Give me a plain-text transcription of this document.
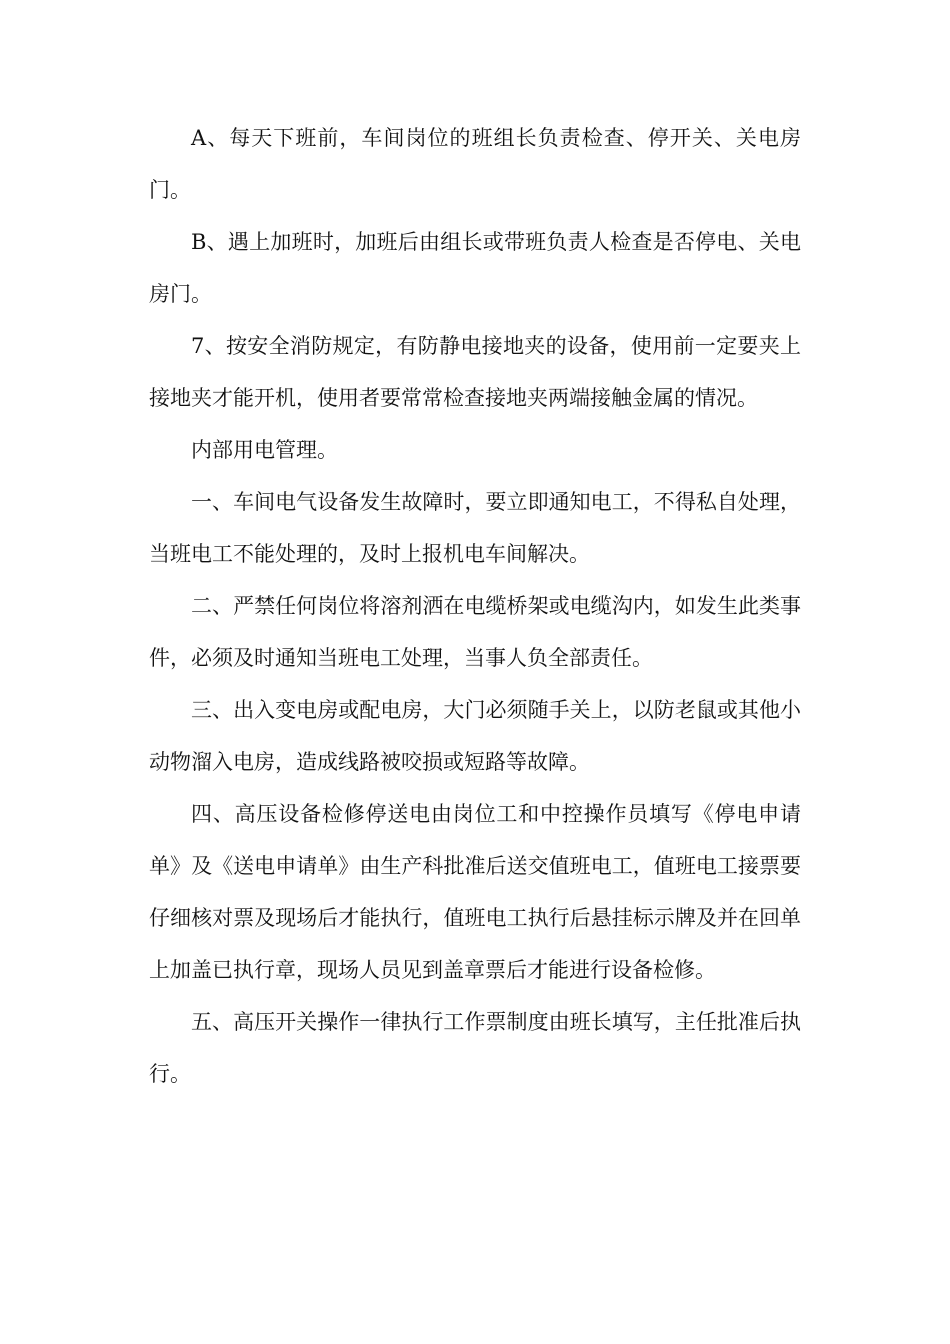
A、每天下班前，车间岗位的班组长负责检查、停开关、关电房门。

B、遇上加班时，加班后由组长或带班负责人检查是否停电、关电房门。

7、按安全消防规定，有防静电接地夹的设备，使用前一定要夹上接地夹才能开机，使用者要常常检查接地夹两端接触金属的情况。

内部用电管理。

一、车间电气设备发生故障时，要立即通知电工，不得私自处理，当班电工不能处理的，及时上报机电车间解决。

二、严禁任何岗位将溶剂洒在电缆桥架或电缆沟内，如发生此类事件，必须及时通知当班电工处理，当事人负全部责任。

三、出入变电房或配电房，大门必须随手关上，以防老鼠或其他小动物溜入电房，造成线路被咬损或短路等故障。

四、高压设备检修停送电由岗位工和中控操作员填写《停电申请单》及《送电申请单》由生产科批准后送交值班电工，值班电工接票要仔细核对票及现场后才能执行，值班电工执行后悬挂标示牌及并在回单上加盖已执行章，现场人员见到盖章票后才能进行设备检修。

五、高压开关操作一律执行工作票制度由班长填写，主任批准后执行。
